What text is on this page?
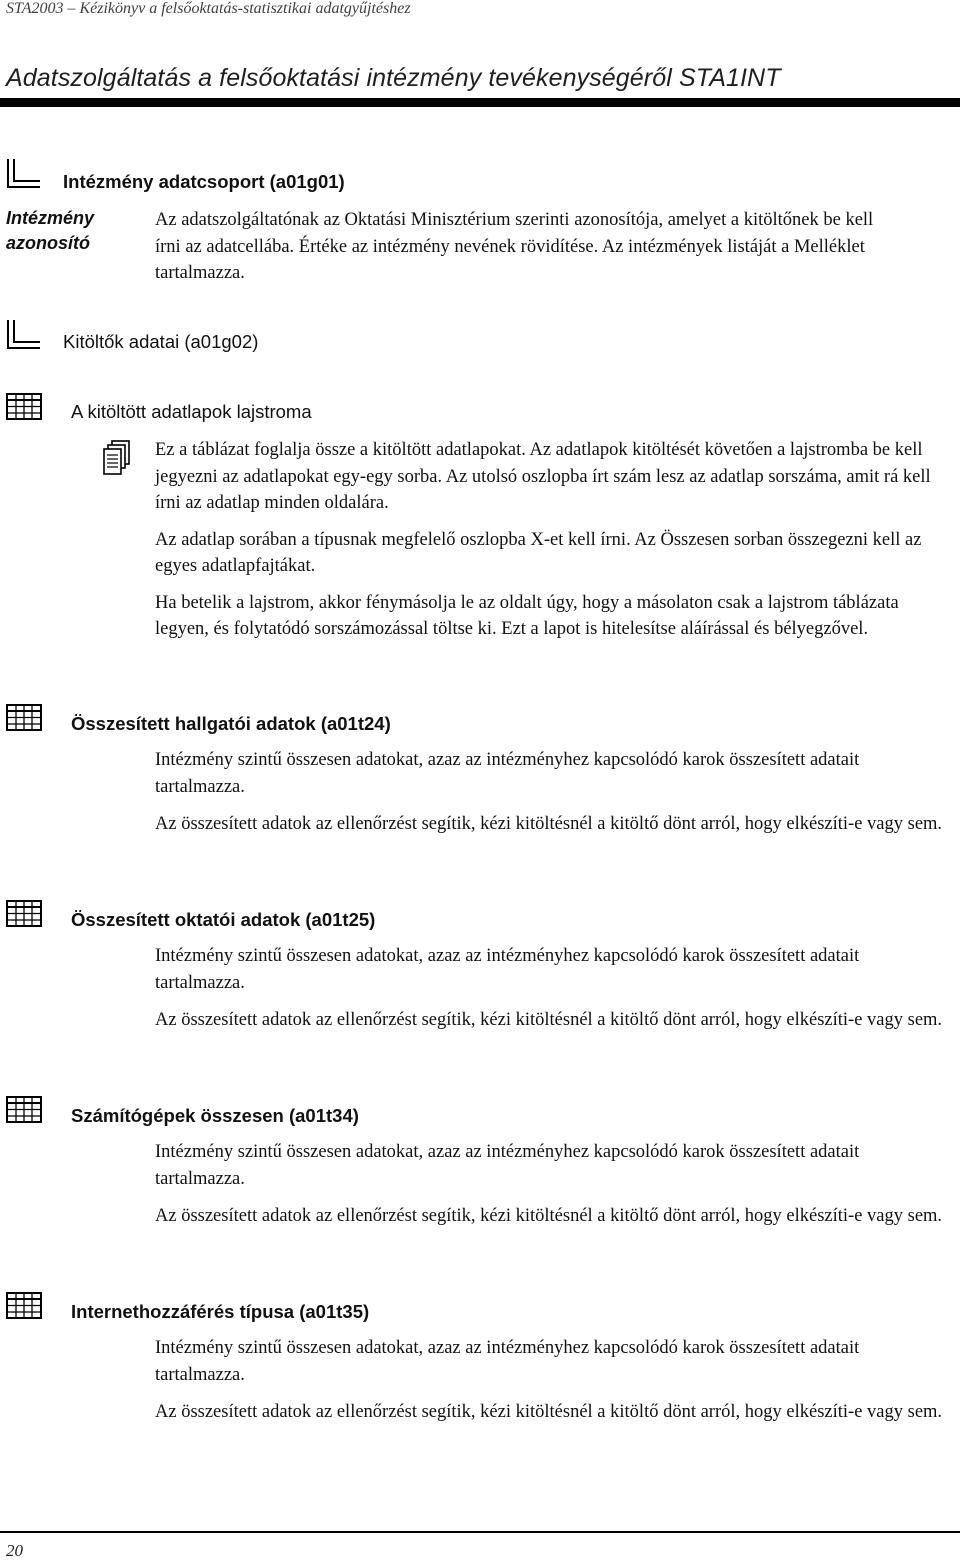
STA2003 – Kézikönyv a felsőoktatás-statisztikai adatgyűjtéshez
Adatszolgáltatás a felsőoktatási intézmény tevékenységéről STA1INT
Intézmény adatcsoport (a01g01)
Intézmény
azonosító

Az adatszolgáltatónak az Oktatási Minisztérium szerinti azonosítója, amelyet a kitöltőnek be kell írni az adatcellába. Értéke az intézmény nevének rövidítése. Az intézmények listáját a Melléklet tartalmazza.

Kitöltők adatai (a01g02)
A kitöltött adatlapok lajstroma

Ez a táblázat foglalja össze a kitöltött adatlapokat. Az adatlapok kitöltését követően a lajstromba be kell jegyezni az adatlapokat egy-egy sorba. Az utolsó oszlopba írt szám lesz az adatlap sorszáma, amit rá kell írni az adatlap minden oldalára.

Az adatlap sorában a típusnak megfelelő oszlopba X-et kell írni. Az Összesen sorban összegezni kell az egyes adatlapfajtákat.

Ha betelik a lajstrom, akkor fénymásolja le az oldalt úgy, hogy a másolaton csak a lajstrom táblázata legyen, és folytatódó sorszámozással töltse ki. Ezt a lapot is hitelesítse aláírással és bélyegzővel.

Összesített hallgatói adatok (a01t24)

Intézmény szintű összesen adatokat, azaz az intézményhez kapcsolódó karok összesített adatait tartalmazza.

Az összesített adatok az ellenőrzést segítik, kézi kitöltésnél a kitöltő dönt arról, hogy elkészíti-e vagy sem.

Összesített oktatói adatok (a01t25)

Intézmény szintű összesen adatokat, azaz az intézményhez kapcsolódó karok összesített adatait tartalmazza.

Az összesített adatok az ellenőrzést segítik, kézi kitöltésnél a kitöltő dönt arról, hogy elkészíti-e vagy sem.

Számítógépek összesen (a01t34)

Intézmény szintű összesen adatokat, azaz az intézményhez kapcsolódó karok összesített adatait tartalmazza.

Az összesített adatok az ellenőrzést segítik, kézi kitöltésnél a kitöltő dönt arról, hogy elkészíti-e vagy sem.

Internethozzáférés típusa (a01t35)

Intézmény szintű összesen adatokat, azaz az intézményhez kapcsolódó karok összesített adatait tartalmazza.

Az összesített adatok az ellenőrzést segítik, kézi kitöltésnél a kitöltő dönt arról, hogy elkészíti-e vagy sem.

20
